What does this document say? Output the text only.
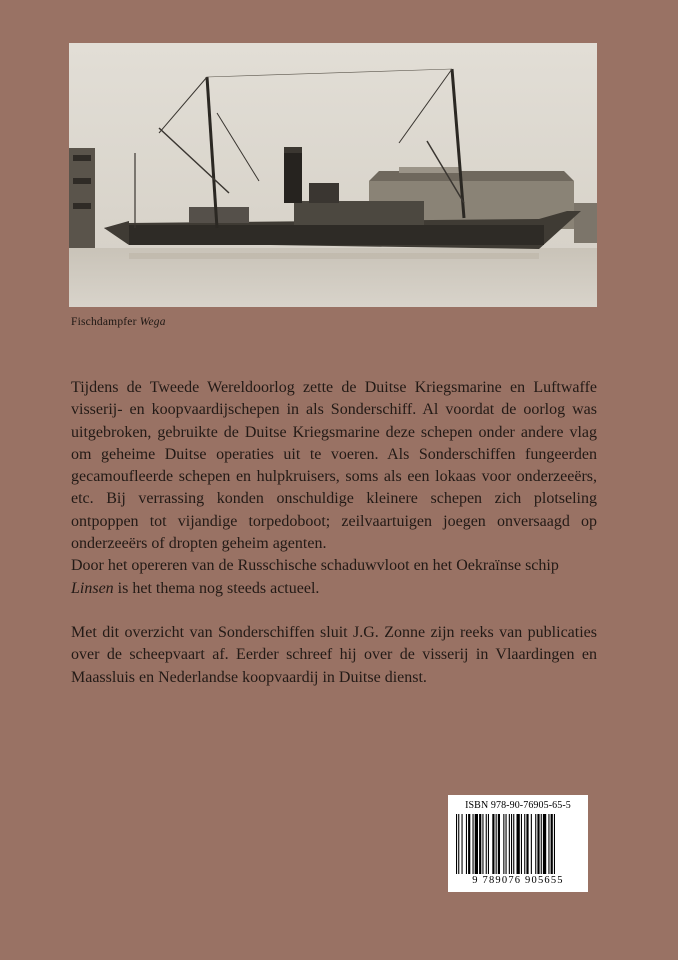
Fischdampfer Wega

Tijdens de Tweede Wereldoorlog zette de Duitse Kriegsmarine en Luftwaffe visserij- en koopvaardijschepen in als Sonderschiff. Al voordat de oorlog was uitgebroken, gebruikte de Duitse Kriegsmarine deze schepen onder andere vlag om geheime Duitse operaties uit te voeren. Als Sonderschiffen fungeerden gecamoufleerde schepen en hulpkruisers, soms als een lokaas voor onderzeeërs, etc. Bij verrassing konden onschuldige kleinere schepen zich plotseling ontpoppen tot vijandige torpedoboot; zeilvaartuigen joegen onversaagd op onderzeeërs of dropten geheim agenten.

Door het opereren van de Russchische schaduwvloot en het Oekraïnse schip Linsen is het thema nog steeds actueel.

Met dit overzicht van Sonderschiffen sluit J.G. Zonne zijn reeks van publicaties over de scheepvaart af. Eerder schreef hij over de visserij in Vlaardingen en Maassluis en Nederlandse koopvaardij in Duitse dienst.

ISBN 978-90-76905-65-5
9 789076 905655
